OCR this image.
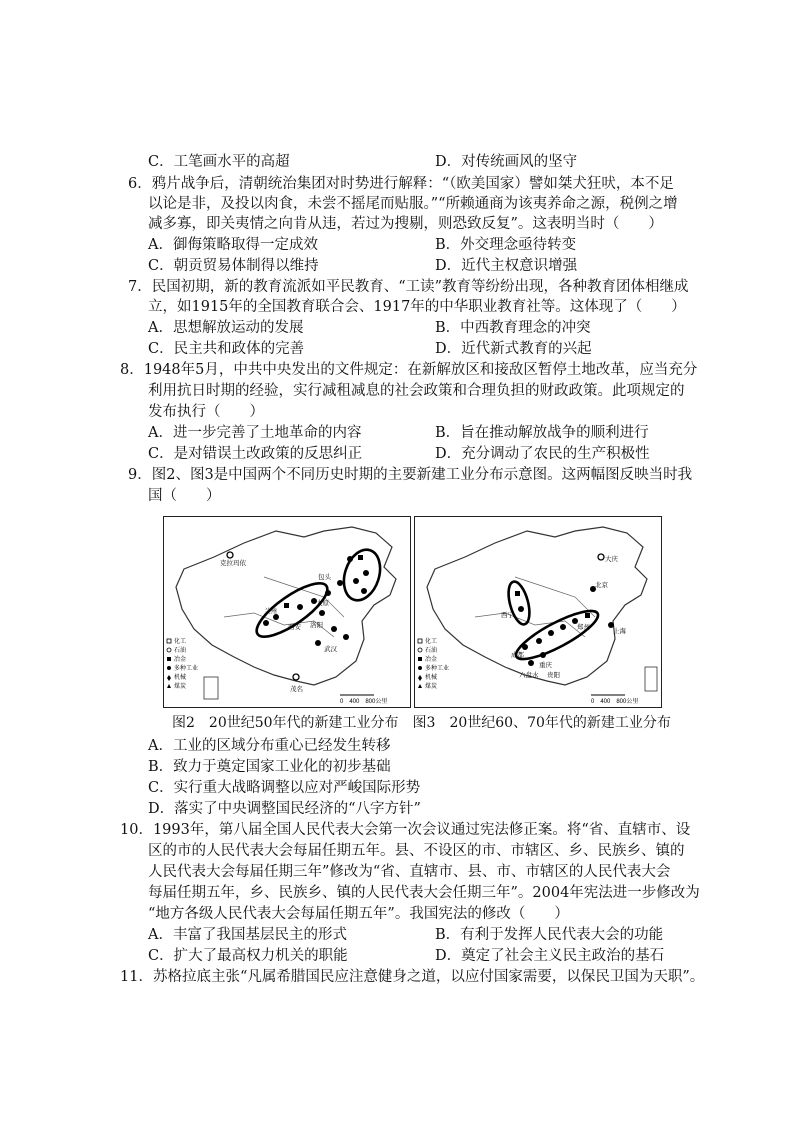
C．工笔画水平的高超	D．对传统画风的坚守
6．鸦片战争后，清朝统治集团对时势进行解释：“（欧美国家）譬如桀犬狂吠，本不足
以论是非，及投以肉食，未尝不摇尾而贴服。”“所赖通商为该夷养命之源，税例之增
减多寡，即关夷情之向肯从违，若过为搜剔，则恐致反复”。这表明当时（　　）
A．御侮策略取得一定成效	B．外交理念亟待转变
C．朝贡贸易体制得以维持	D．近代主权意识增强
7．民国初期，新的教育流派如平民教育、“工读”教育等纷纷出现，各种教育团体相继成
立，如1915年的全国教育联合会、1917年的中华职业教育社等。这体现了（　　）
A．思想解放运动的发展	B．中西教育理念的冲突
C．民主共和政体的完善	D．近代新式教育的兴起
8．1948年5月，中共中央发出的文件规定：在新解放区和接敌区暂停土地改革，应当充分
利用抗日时期的经验，实行减租减息的社会政策和合理负担的财政政策。此项规定的
发布执行（　　）
A．进一步完善了土地革命的内容	B．旨在推动解放战争的顺利进行
C．是对错误土改政策的反思纠正	D．充分调动了农民的生产积极性
9．图2、图3是中国两个不同历史时期的主要新建工业分布示意图。这两幅图反映当时我
国（　　）
克拉玛依
包头
太原
洛阳
西安
兰州
武汉
茂名
化工
石油
冶金
多种工业
机械
煤炭
0　400　800公里
大庆
北京
上海
西宁
成都
重庆
贵阳
六盘水
郑州
化工
石油
冶金
多种工业
机械
煤炭
0　400　800公里
图2　20世纪50年代的新建工业分布　图3　20世纪60、70年代的新建工业分布
A．工业的区域分布重心已经发生转移
B．致力于奠定国家工业化的初步基础
C．实行重大战略调整以应对严峻国际形势
D．落实了中央调整国民经济的“八字方针”
10．1993年，第八届全国人民代表大会第一次会议通过宪法修正案。将“省、直辖市、设
区的市的人民代表大会每届任期五年。县、不设区的市、市辖区、乡、民族乡、镇的
人民代表大会每届任期三年”修改为“省、直辖市、县、市、市辖区的人民代表大会
每届任期五年，乡、民族乡、镇的人民代表大会任期三年”。2004年宪法进一步修改为
“地方各级人民代表大会每届任期五年”。我国宪法的修改（　　）
A．丰富了我国基层民主的形式	B．有利于发挥人民代表大会的功能
C．扩大了最高权力机关的职能	D．奠定了社会主义民主政治的基石
11．苏格拉底主张“凡属希腊国民应注意健身之道，以应付国家需要，以保民卫国为天职”。
